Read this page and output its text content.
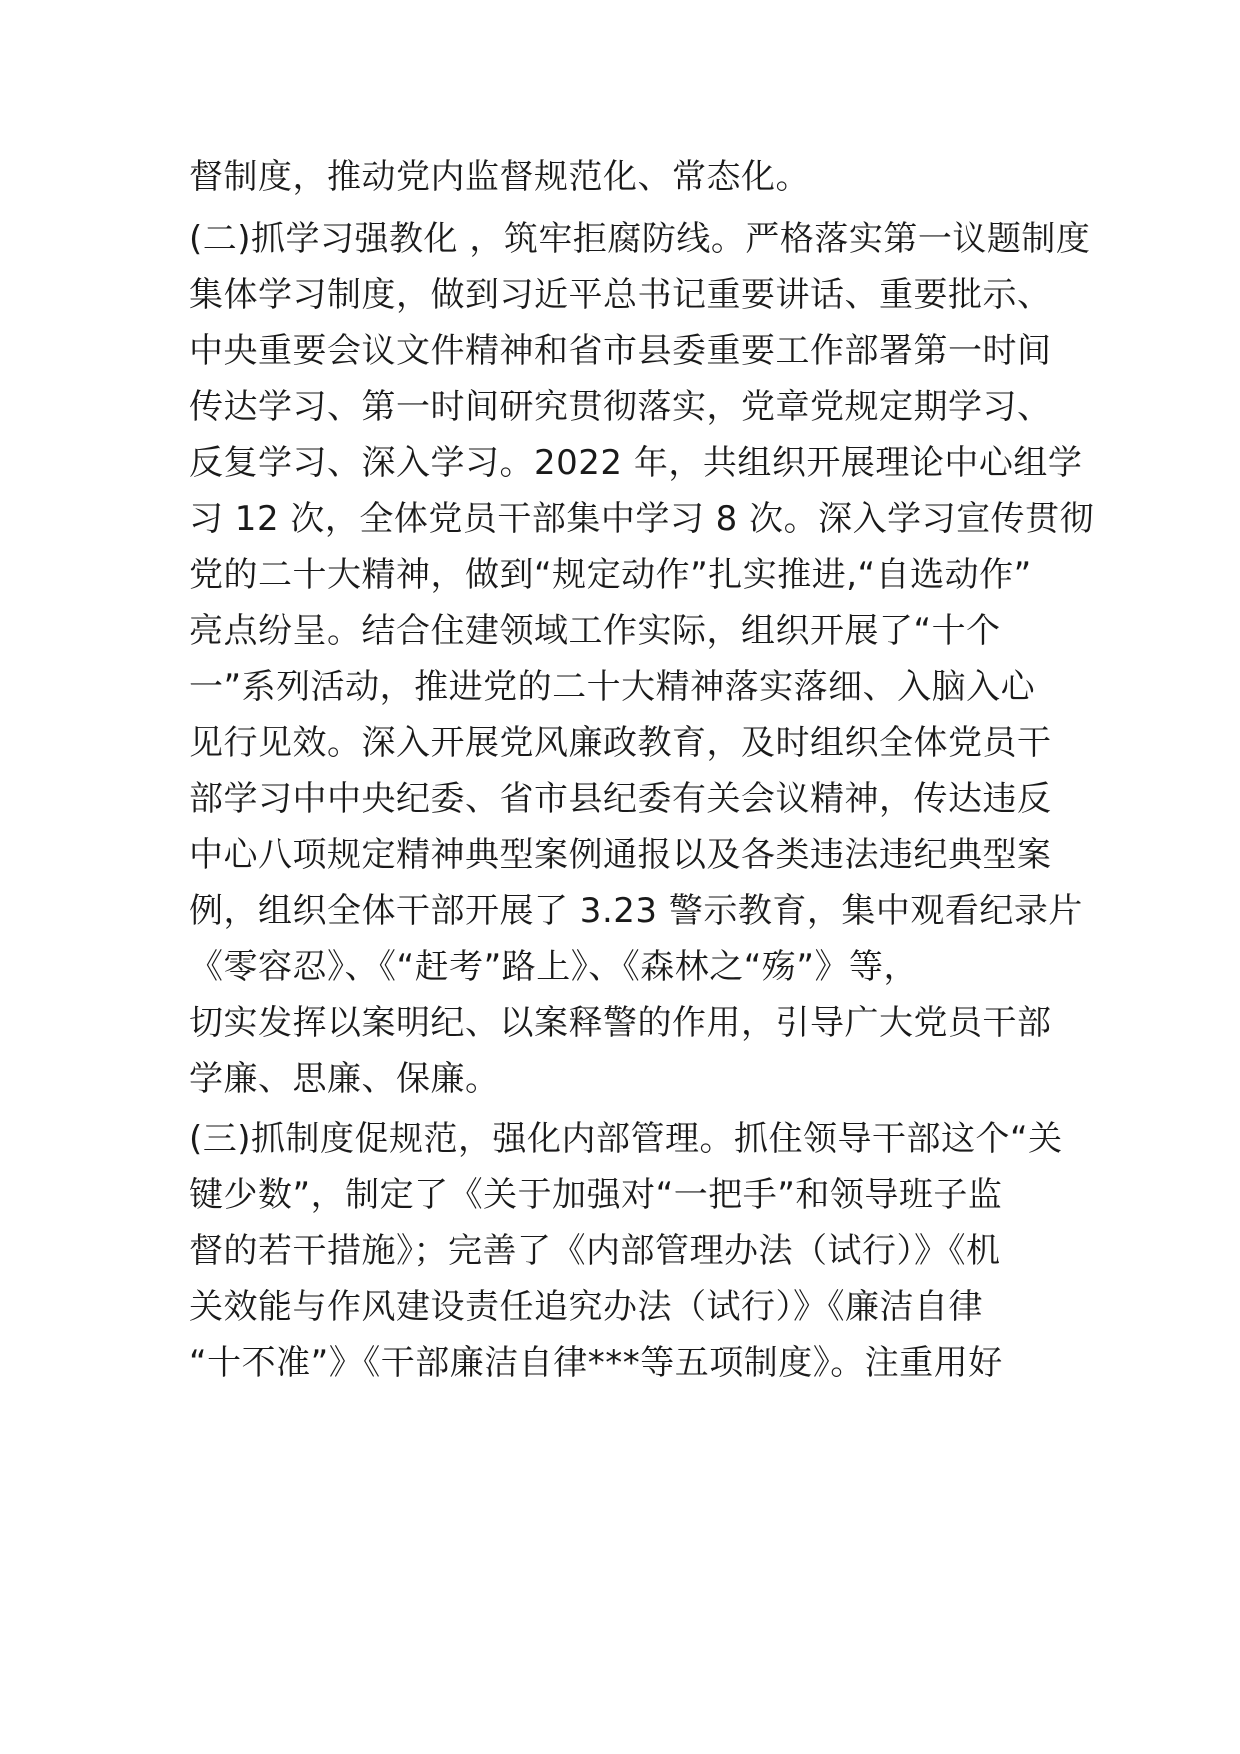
督制度，推动党内监督规范化、常态化。
(二)抓学习强教化 ，筑牢拒腐防线。严格落实第一议题制度
集体学习制度，做到习近平总书记重要讲话、重要批示、
中央重要会议文件精神和省市县委重要工作部署第一时间
传达学习、第一时间研究贯彻落实，党章党规定期学习、
反复学习、深入学习。2022 年，共组织开展理论中心组学
习 12 次，全体党员干部集中学习 8 次。深入学习宣传贯彻
党的二十大精神，做到“规定动作”扎实推进,“自选动作”
亮点纷呈。结合住建领域工作实际，组织开展了“十个
一”系列活动，推进党的二十大精神落实落细、入脑入心
见行见效。深入开展党风廉政教育，及时组织全体党员干
部学习中中央纪委、省市县纪委有关会议精神，传达违反
中心八项规定精神典型案例通报以及各类违法违纪典型案
例，组织全体干部开展了 3.23 警示教育，集中观看纪录片
《零容忍》、《“赶考”路上》、《森林之“殇”》等，
切实发挥以案明纪、以案释警的作用，引导广大党员干部
学廉、思廉、保廉。
(三)抓制度促规范，强化内部管理。抓住领导干部这个“关
键少数”，制定了《关于加强对“一把手”和领导班子监
督的若干措施》；完善了《内部管理办法（试行）》《机
关效能与作风建设责任追究办法（试行）》《廉洁自律
“十不准”》《干部廉洁自律***等五项制度》。注重用好
